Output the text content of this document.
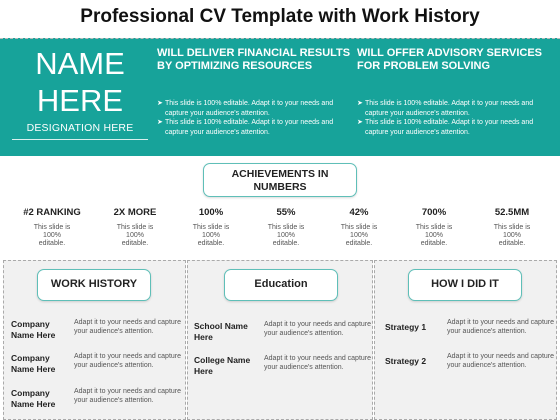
Professional CV Template with Work History
NAME
HERE
DESIGNATION HERE
WILL DELIVER FINANCIAL RESULTS BY OPTIMIZING RESOURCES
➤ This slide is 100% editable. Adapt it to your needs and capture your audience's attention.
➤ This slide is 100% editable. Adapt it to your needs and capture your audience's attention.
WILL OFFER ADVISORY SERVICES FOR PROBLEM SOLVING
➤ This slide is 100% editable. Adapt it to your needs and capture your audience's attention.
➤ This slide is 100% editable. Adapt it to your needs and capture your audience's attention.
ACHIEVEMENTS IN NUMBERS
#2 RANKING
This slide is 100% editable.
2X MORE
This slide is 100% editable.
100%
This slide is 100% editable.
55%
This slide is 100% editable.
42%
This slide is 100% editable.
700%
This slide is 100% editable.
52.5MM
This slide is 100% editable.
WORK HISTORY
Company Name Here
Adapt it to your needs and capture your audience's attention.
Company Name Here
Adapt it to your needs and capture your audience's attention.
Company Name Here
Adapt it to your needs and capture your audience's attention.
Education
School Name Here
Adapt it to your needs and capture your audience's attention.
College Name Here
Adapt it to your needs and capture your audience's attention.
HOW I DID IT
Strategy 1	Adapt it to your needs and capture your audience's attention.
Strategy 2	Adapt it to your needs and capture your audience's attention.
